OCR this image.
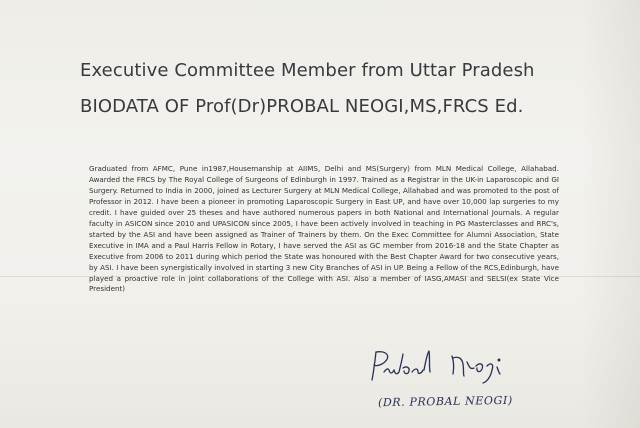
Executive Committee Member from Uttar Pradesh
BIODATA OF Prof(Dr)PROBAL NEOGI,MS,FRCS Ed.

Graduated from AFMC, Pune in1987,Housemanship at AIIMS, Delhi and MS(Surgery) from MLN Medical College, Allahabad. Awarded the FRCS by The Royal College of Surgeons of Edinburgh in 1997. Trained as a Registrar in the UK-in Laparoscopic and GI Surgery. Returned to India in 2000, joined as Lecturer Surgery at MLN Medical College, Allahabad and was promoted to the post of Professor in 2012. I have been a pioneer in promoting Laparoscopic Surgery in East UP, and have over 10,000 lap surgeries to my credit. I have guided over 25 theses and have authored numerous papers in both National and International Journals. A regular faculty in ASICON since 2010 and UPASICON since 2005, I have been actively involved in teaching in PG Masterclasses and RRC's, started by the ASI and have been assigned as Trainer of Trainers by them. On the Exec Committee for Alumni Association, State Executive in IMA and a Paul Harris Fellow in Rotary, I have served the ASI as GC member from 2016-18 and the State Chapter as Executive from 2006 to 2011 during which period the State was honoured with the Best Chapter Award for two consecutive years, by ASI. I have been synergistically involved in starting 3 new City Branches of ASI in UP. Being a Fellow of the RCS,Edinburgh, have played a proactive role in joint collaborations of the College with ASI. Also a member of IASG,AMASI and SELSI(ex State Vice President)

(DR. PROBAL NEOGI)
